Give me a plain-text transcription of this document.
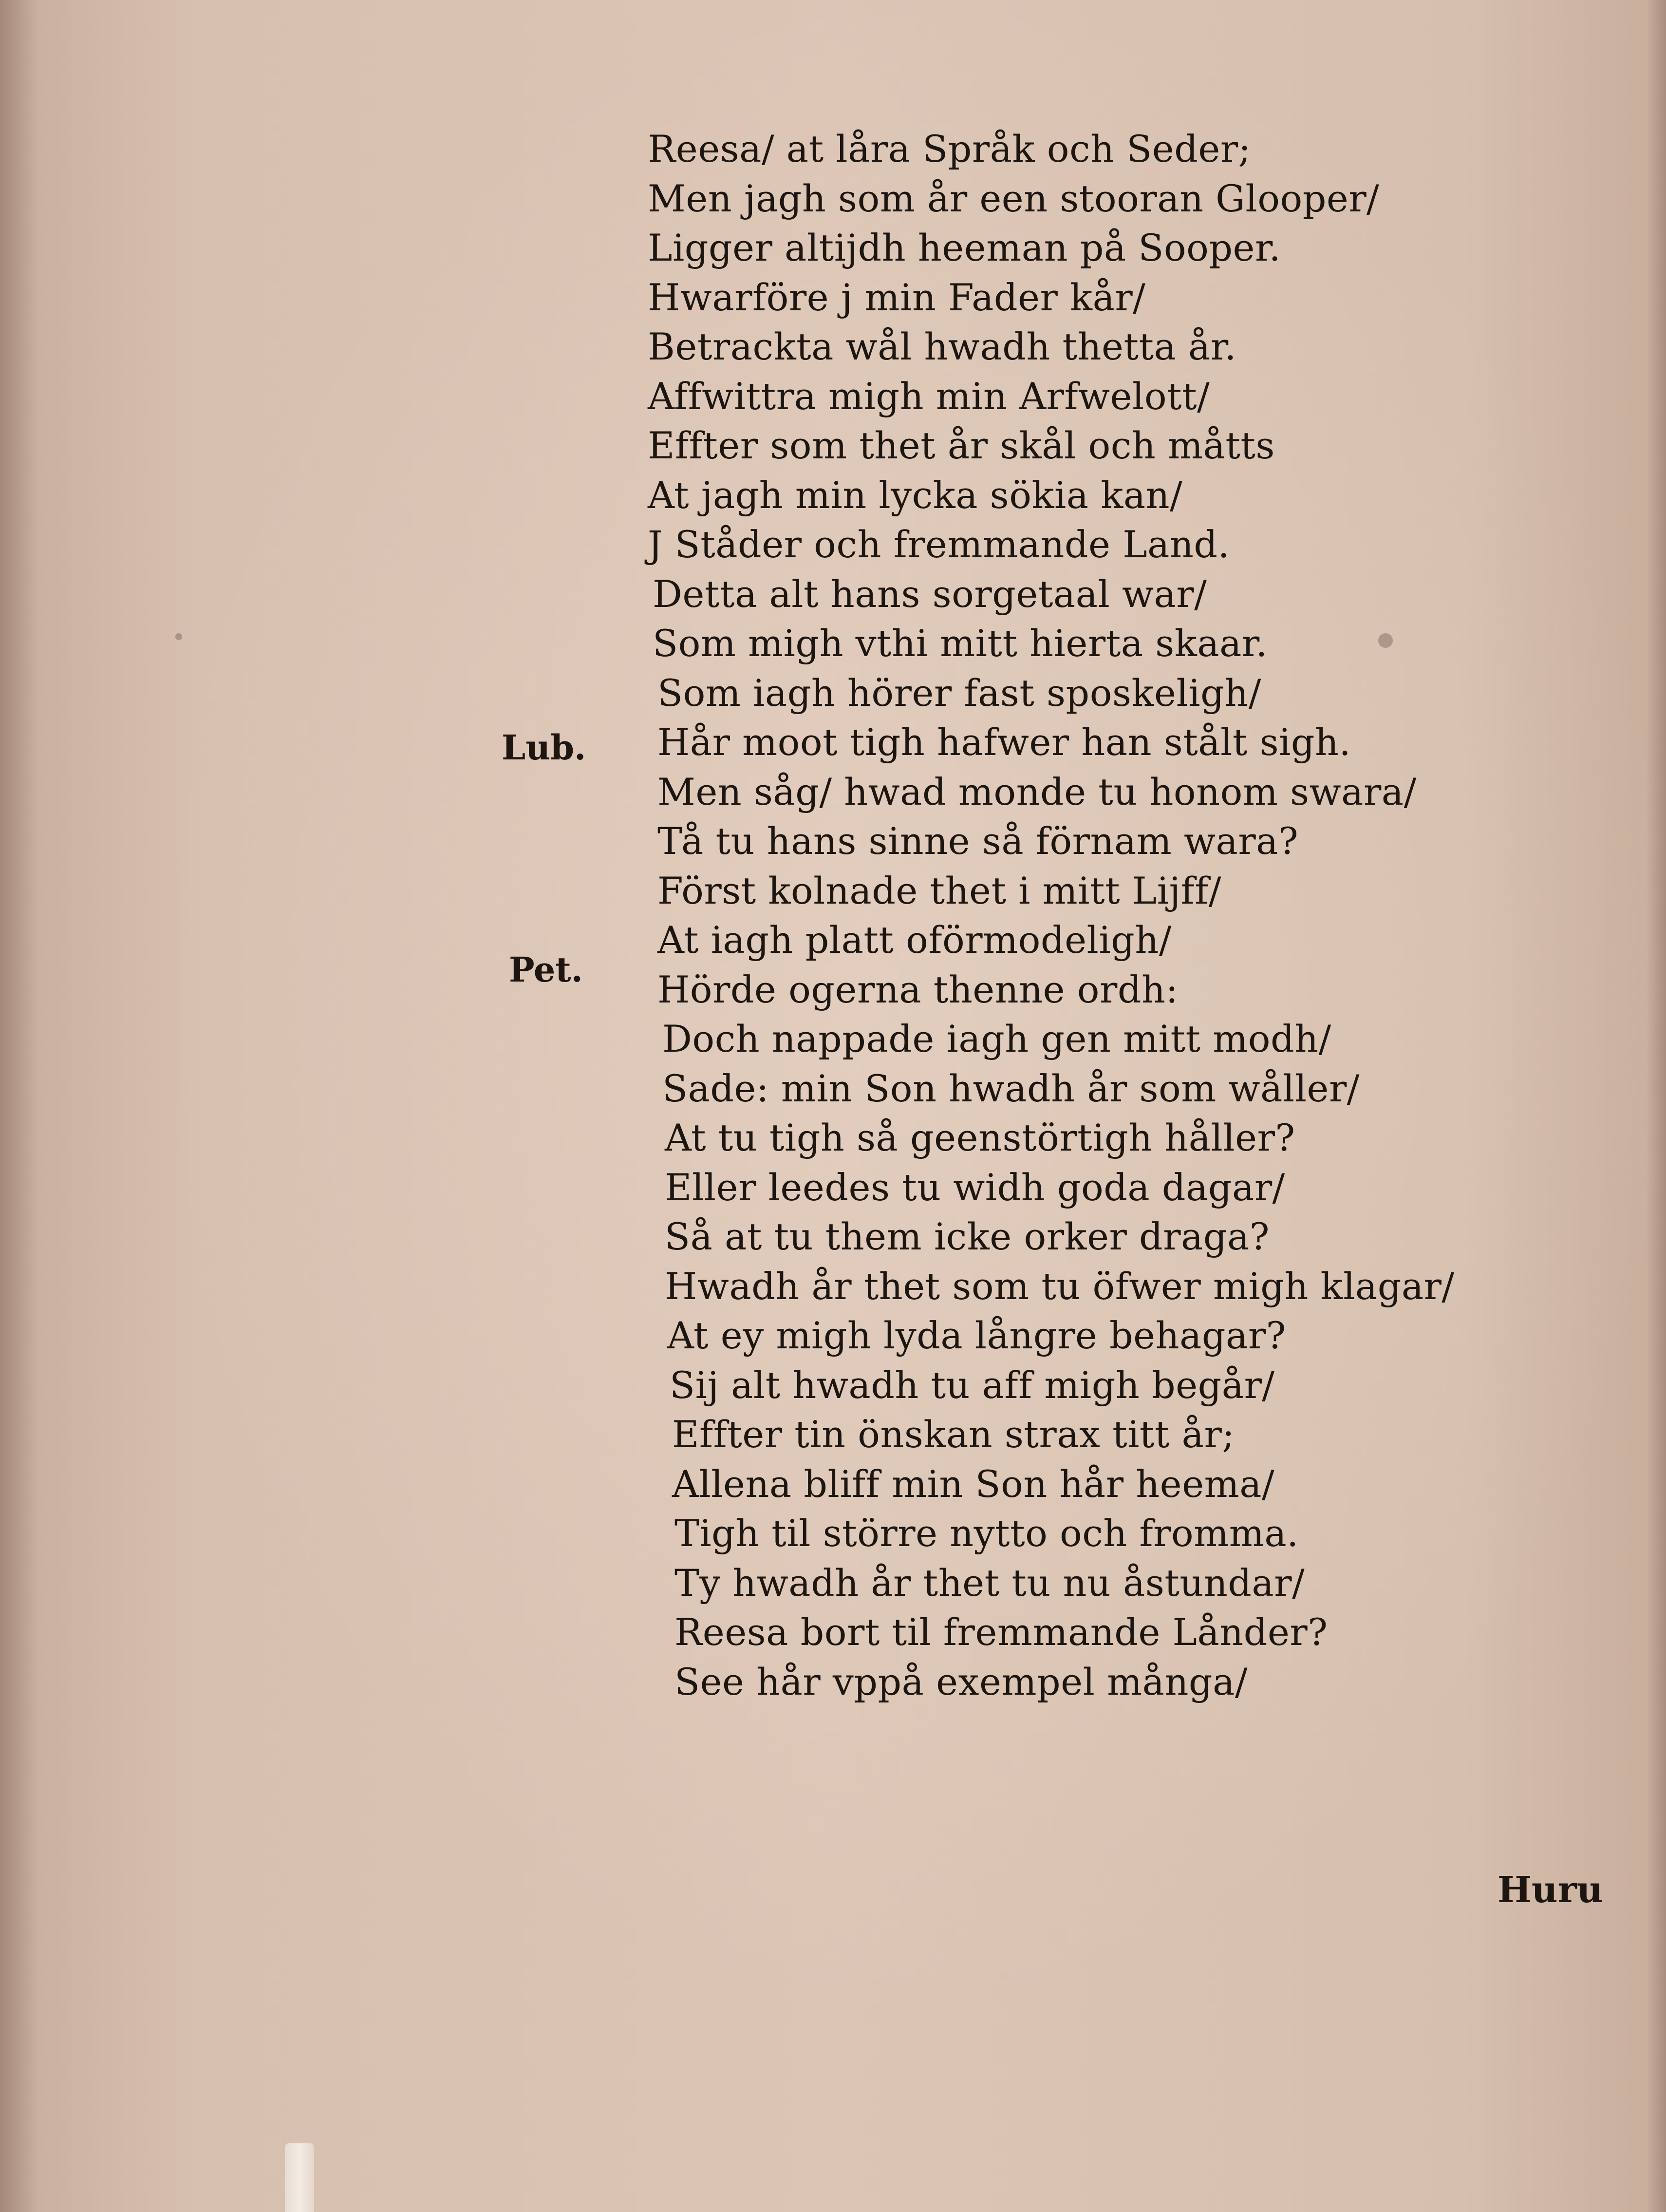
Lub.
Pet.
Reesa/ at låra Språk och Seder;
Men jagh som år een stooran Glooper/
Ligger altijdh heeman på Sooper.
Hwarföre j min Fader kår/
Betrackta wål hwadh thetta år.
Affwittra migh min Arfwelott/
Effter som thet år skål och måtts
At jagh min lycka sökia kan/
J Ståder och fremmande Land.
Detta alt hans sorgetaal war/
Som migh vthi mitt hierta skaar.
Som iagh hörer fast sposkeligh/
Hår moot tigh hafwer han stålt sigh.
Men såg/ hwad monde tu honom swara/
Tå tu hans sinne så förnam wara?
Först kolnade thet i mitt Lijff/
At iagh platt oförmodeligh/
Hörde ogerna thenne ordh:
Doch nappade iagh gen mitt modh/
Sade: min Son hwadh år som wåller/
At tu tigh så geenstörtigh håller?
Eller leedes tu widh goda dagar/
Så at tu them icke orker draga?
Hwadh år thet som tu öfwer migh klagar/
At ey migh lyda långre behagar?
Sij alt hwadh tu aff migh begår/
Effter tin önskan strax titt år;
Allena bliff min Son hår heema/
Tigh til större nytto och fromma.
Ty hwadh år thet tu nu åstundar/
Reesa bort til fremmande Lånder?
See hår vppå exempel många/
Huru
